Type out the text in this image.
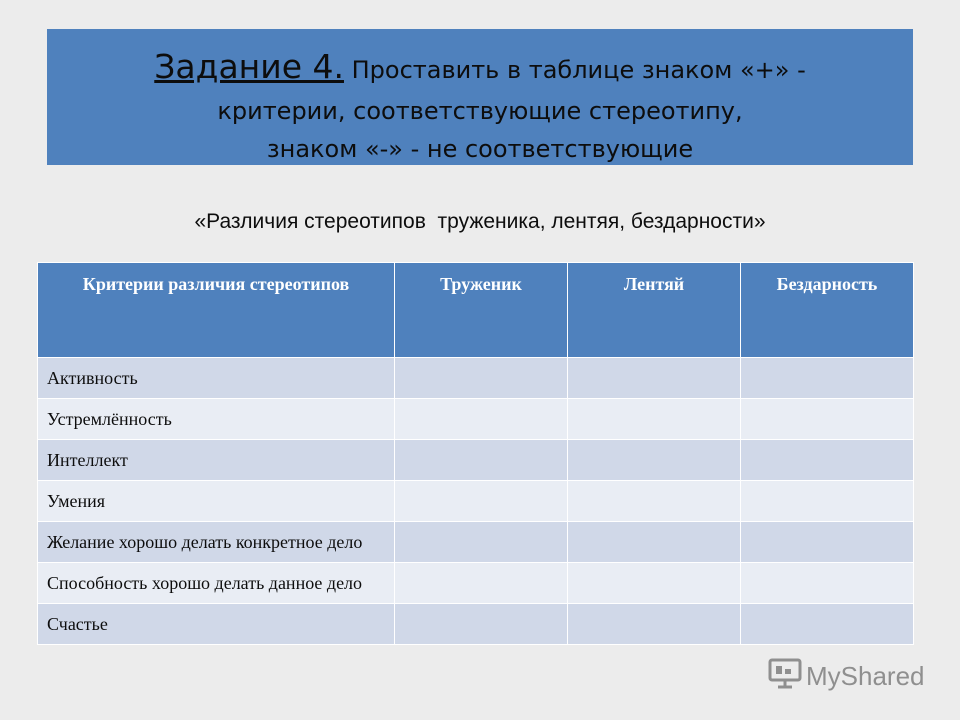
Задание 4. Проставить в таблице знаком «+» -
критерии, соответствующие стереотипу,
знаком «-» - не соответствующие
«Различия стереотипов  труженика, лентяя, бездарности»
Критерии различия стереотипов	Труженик	Лентяй	Бездарность
Активность			
Устремлённость			
Интеллект			
Умения			
Желание хорошо делать конкретное дело			
Способность хорошо делать данное дело			
Счастье			
MyShared
